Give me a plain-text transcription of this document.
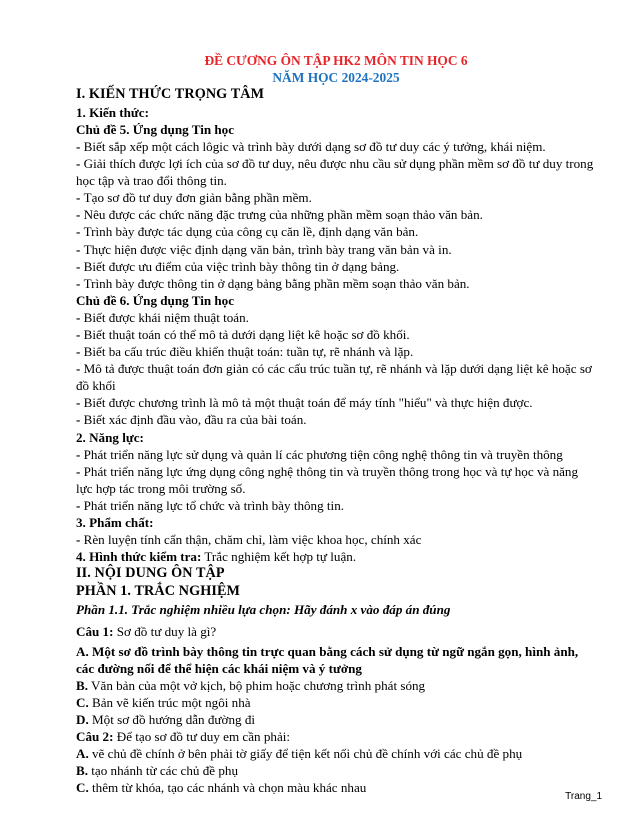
ĐỀ CƯƠNG ÔN TẬP HK2 MÔN TIN HỌC 6
NĂM HỌC 2024-2025
I. KIẾN THỨC TRỌNG TÂM
1. Kiến thức:
Chủ đề 5. Ứng dụng Tin học
- Biết sắp xếp một cách lôgic và trình bày dưới dạng sơ đồ tư duy các ý tưởng, khái niệm.
- Giải thích được lợi ích của sơ đồ tư duy, nêu được nhu cầu sử dụng phần mềm sơ đồ tư duy trong học tập và trao đổi thông tin.
- Tạo sơ đồ tư duy đơn giản bằng phần mềm.
- Nêu được các chức năng đặc trưng của những phần mềm soạn thảo văn bản.
- Trình bày được tác dụng của công cụ căn lề, định dạng văn bản.
- Thực hiện được việc định dạng văn bản, trình bày trang văn bản và in.
- Biết được ưu điểm của việc trình bày thông tin ở dạng bảng.
- Trình bày được thông tin ở dạng bảng bằng phần mềm soạn thảo văn bản.
Chủ đề 6. Ứng dụng Tin học
- Biết được khái niệm thuật toán.
- Biết thuật toán có thể mô tả dưới dạng liệt kê hoặc sơ đồ khối.
- Biết ba cấu trúc điều khiển thuật toán: tuần tự, rẽ nhánh và lặp.
- Mô tả được thuật toán đơn giản có các cấu trúc tuần tự, rẽ nhánh và lặp dưới dạng liệt kê hoặc sơ đồ khối
- Biết được chương trình là mô tả một thuật toán để máy tính "hiểu" và thực hiện được.
- Biết xác định đầu vào, đầu ra của bài toán.
2. Năng lực:
- Phát triển năng lực sử dụng và quản lí các phương tiện công nghệ thông tin và truyền thông
- Phát triển năng lực ứng dụng công nghệ thông tin và truyền thông trong học và tự học và năng lực hợp tác trong môi trường số.
- Phát triển năng lực tổ chức và trình bày thông tin.
3. Phẩm chất:
- Rèn luyện tính cẩn thận, chăm chỉ, làm việc khoa học, chính xác
4. Hình thức kiểm tra: Trắc nghiệm kết hợp tự luận.
II. NỘI DUNG ÔN TẬP
PHẦN 1. TRẮC NGHIỆM
Phần 1.1. Trắc nghiệm nhiều lựa chọn: Hãy đánh x vào đáp án đúng
Câu 1: Sơ đồ tư duy là gì?
A. Một sơ đồ trình bày thông tin trực quan bằng cách sử dụng từ ngữ ngắn gọn, hình ảnh, các đường nối để thể hiện các khái niệm và ý tưởng
B. Văn bản của một vở kịch, bộ phim hoặc chương trình phát sóng
C. Bản vẽ kiến trúc một ngôi nhà
D. Một sơ đồ hướng dẫn đường đi
Câu 2: Để tạo sơ đồ tư duy em cần phải:
A. vẽ chủ đề chính ở bên phải tờ giấy để tiện kết nối chủ đề chính với các chủ đề phụ
B. tạo nhánh từ các chủ đề phụ
C. thêm từ khóa, tạo các nhánh và chọn màu khác nhau
Trang_1
